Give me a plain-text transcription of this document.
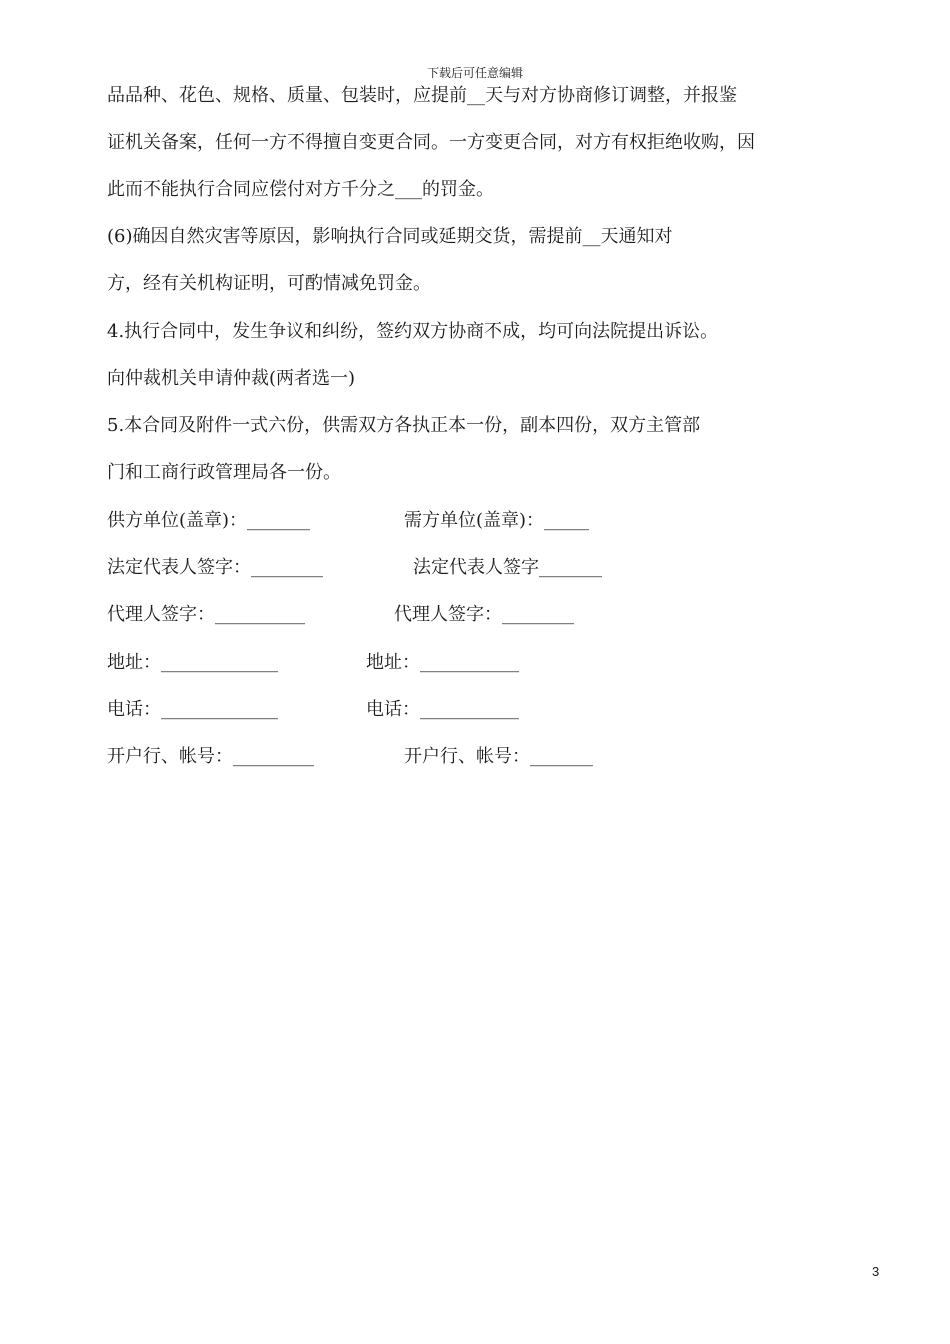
下载后可任意编辑
品品种、花色、规格、质量、包装时，应提前__天与对方协商修订调整，并报鉴
证机关备案，任何一方不得擅自变更合同。一方变更合同，对方有权拒绝收购，因
此而不能执行合同应偿付对方千分之___的罚金。
(6)确因自然灾害等原因，影响执行合同或延期交货，需提前__天通知对
方，经有关机构证明，可酌情减免罚金。
4.执行合同中，发生争议和纠纷，签约双方协商不成，均可向法院提出诉讼。
向仲裁机关申请仲裁(两者选一)
5.本合同及附件一式六份，供需双方各执正本一份，副本四份，双方主管部
门和工商行政管理局各一份。
供方单位(盖章)：_______	需方单位(盖章)：_____
法定代表人签字：________	法定代表人签字_______
代理人签字：__________	代理人签字：________
地址：_____________	地址：___________
电话：_____________	电话：___________
开户行、帐号：_________	开户行、帐号：_______
3
